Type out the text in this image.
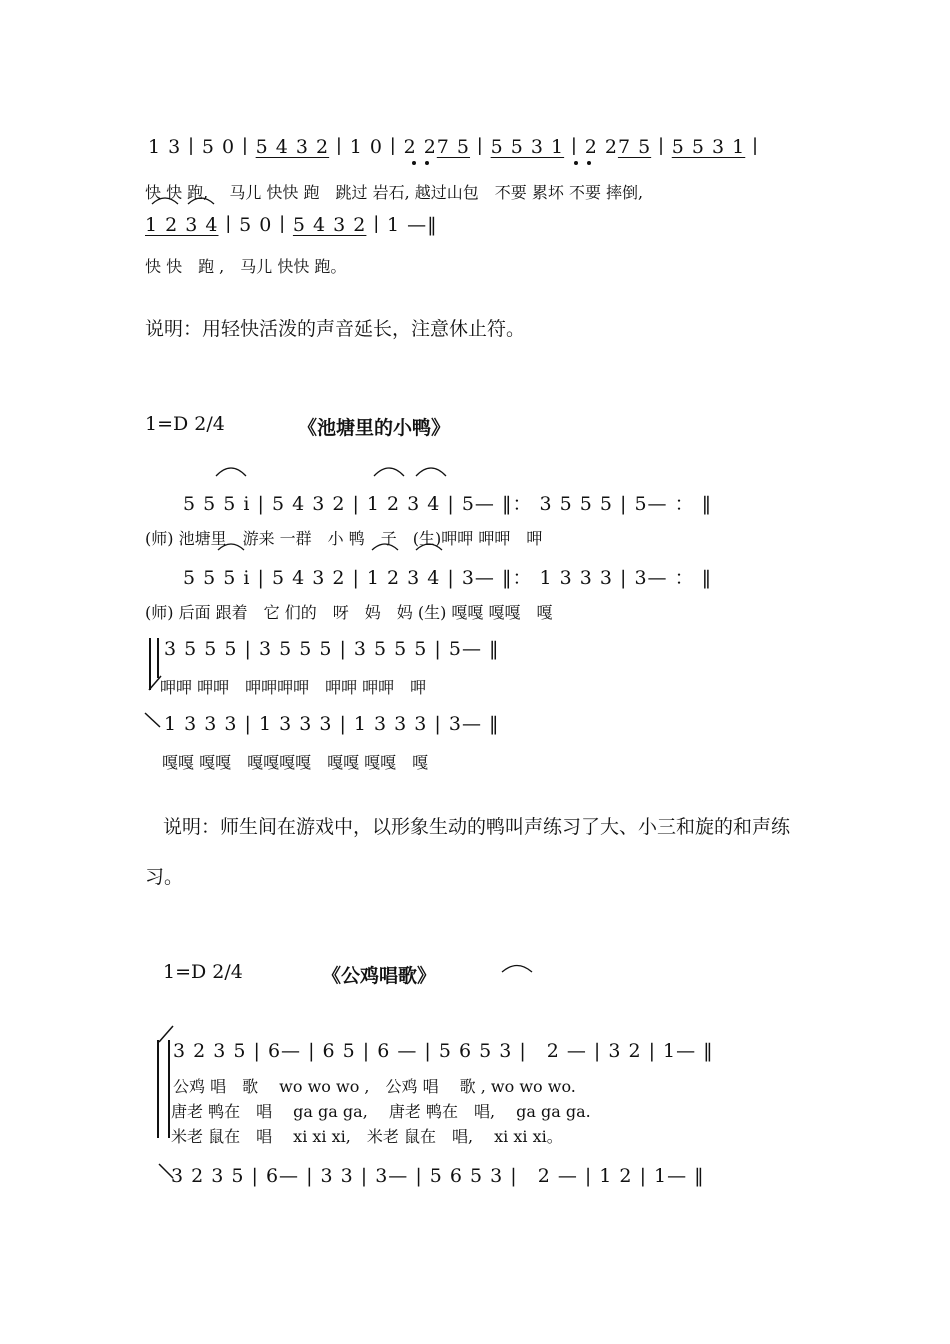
1 3 ∣ 5 0 ∣ 5 4 3 2 ∣ 1 0 ∣ 2 27 5 ∣ 5 5 3 1 ∣ 2 27 5 ∣ 5 5 3 1 ∣
快 快 跑,　 马儿 快快 跑　跳过 岩石, 越过山包　不要 累坏 不要 摔倒,
1 2 3 4 ∣ 5 0 ∣ 5 4 3 2 ∣ 1 —‖
快 快　跑 ,　马儿 快快 跑。
说明：用轻快活泼的声音延长，注意休止符。
1=D 2/4	《池塘里的小鸭》
5 5 5 i | 5 4 3 2 | 1 2 3 4 | 5— ‖： 3 5 5 5 | 5— ： ‖
(师) 池塘里　游来 一群　小 鸭　子　(生)呷呷 呷呷　呷
5 5 5 i | 5 4 3 2 | 1 2 3 4 | 3— ‖： 1 3 3 3 | 3— ： ‖
(师) 后面 跟着　它 们的　呀　妈　妈 (生) 嘎嘎 嘎嘎　嘎
3 5 5 5 | 3 5 5 5 | 3 5 5 5 | 5— ‖
呷呷 呷呷　呷呷呷呷　呷呷 呷呷　呷
1 3 3 3 | 1 3 3 3 | 1 3 3 3 | 3— ‖
嘎嘎 嘎嘎　嘎嘎嘎嘎　嘎嘎 嘎嘎　嘎
说明：师生间在游戏中，以形象生动的鸭叫声练习了大、小三和旋的和声练
习。
1=D 2/4	《公鸡唱歌》
3 2 3 5 | 6— | 6 5 | 6 — | 5 6 5 3 |　2 — | 3 2 | 1— ‖
公鸡 唱　歌　 wo wo wo ,　公鸡 唱　 歌 , wo wo wo.
唐老 鸭在　唱　 ga ga ga,　 唐老 鸭在　唱,　 ga ga ga.
米老 鼠在　唱　 xi xi xi,　米老 鼠在　唱,　 xi xi xi。
3 2 3 5 | 6— | 3 3 | 3— | 5 6 5 3 |　2 — | 1 2 | 1— ‖
